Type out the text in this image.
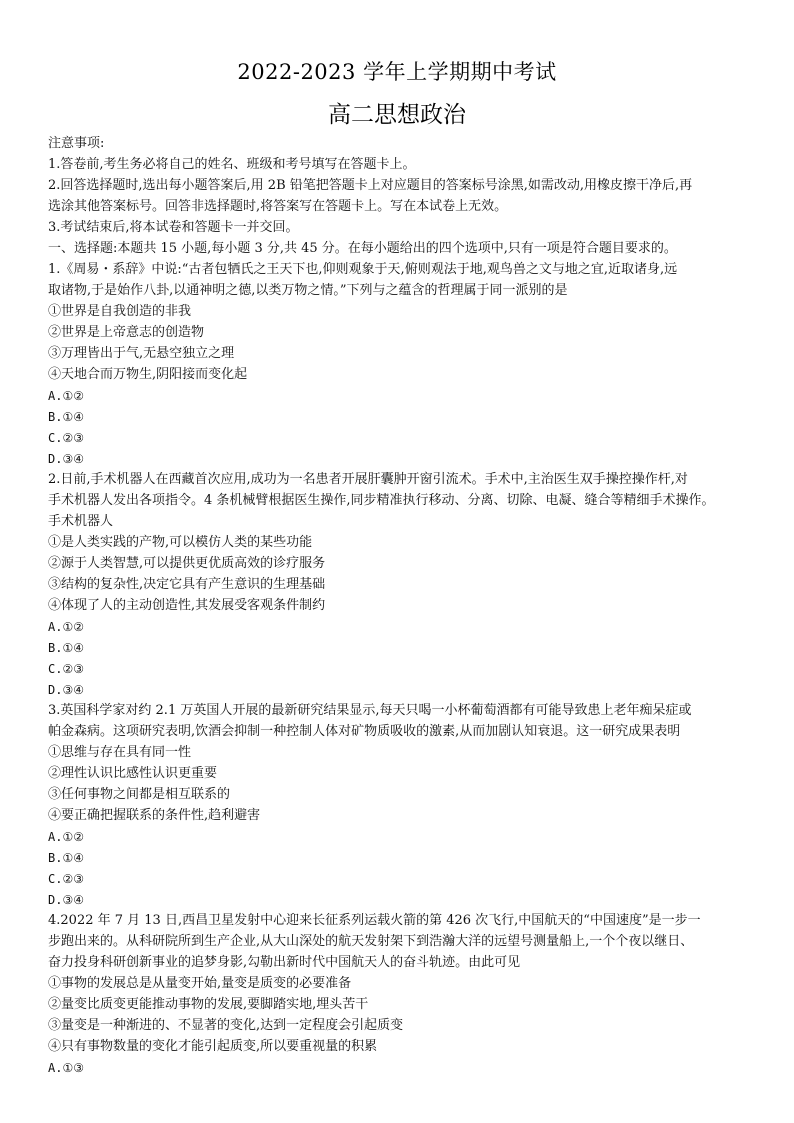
2022-2023 学年上学期期中考试
高二思想政治
注意事项:
1.答卷前,考生务必将自己的姓名、班级和考号填写在答题卡上。
2.回答选择题时,选出每小题答案后,用 2B 铅笔把答题卡上对应题目的答案标号涂黑,如需改动,用橡皮擦干净后,再
选涂其他答案标号。回答非选择题时,将答案写在答题卡上。写在本试卷上无效。
3.考试结束后,将本试卷和答题卡一并交回。
一、选择题:本题共 15 小题,每小题 3 分,共 45 分。在每小题给出的四个选项中,只有一项是符合题目要求的。
1.《周易・系辞》中说:“古者包牺氏之王天下也,仰则观象于天,俯则观法于地,观鸟兽之文与地之宜,近取诸身,远
取诸物,于是始作八卦,以通神明之德,以类万物之情。”下列与之蕴含的哲理属于同一派别的是
①世界是自我创造的非我
②世界是上帝意志的创造物
③万理皆出于气,无悬空独立之理
④天地合而万物生,阴阳接而变化起
A.①②
B.①④
C.②③
D.③④
2.日前,手术机器人在西藏首次应用,成功为一名患者开展肝囊肿开窗引流术。手术中,主治医生双手操控操作杆,对
手术机器人发出各项指令。4 条机械臂根据医生操作,同步精准执行移动、分离、切除、电凝、缝合等精细手术操作。
手术机器人
①是人类实践的产物,可以模仿人类的某些功能
②源于人类智慧,可以提供更优质高效的诊疗服务
③结构的复杂性,决定它具有产生意识的生理基础
④体现了人的主动创造性,其发展受客观条件制约
A.①②
B.①④
C.②③
D.③④
3.英国科学家对约 2.1 万英国人开展的最新研究结果显示,每天只喝一小杯葡萄酒都有可能导致患上老年痴呆症或
帕金森病。这项研究表明,饮酒会抑制一种控制人体对矿物质吸收的激素,从而加剧认知衰退。这一研究成果表明
①思维与存在具有同一性
②理性认识比感性认识更重要
③任何事物之间都是相互联系的
④要正确把握联系的条件性,趋利避害
A.①②
B.①④
C.②③
D.③④
4.2022 年 7 月 13 日,西昌卫星发射中心迎来长征系列运载火箭的第 426 次飞行,中国航天的“中国速度”是一步一
步跑出来的。从科研院所到生产企业,从大山深处的航天发射架下到浩瀚大洋的远望号测量船上,一个个夜以继日、
奋力投身科研创新事业的追梦身影,勾勒出新时代中国航天人的奋斗轨迹。由此可见
①事物的发展总是从量变开始,量变是质变的必要准备
②量变比质变更能推动事物的发展,要脚踏实地,埋头苦干
③量变是一种渐进的、不显著的变化,达到一定程度会引起质变
④只有事物数量的变化才能引起质变,所以要重视量的积累
A.①③
